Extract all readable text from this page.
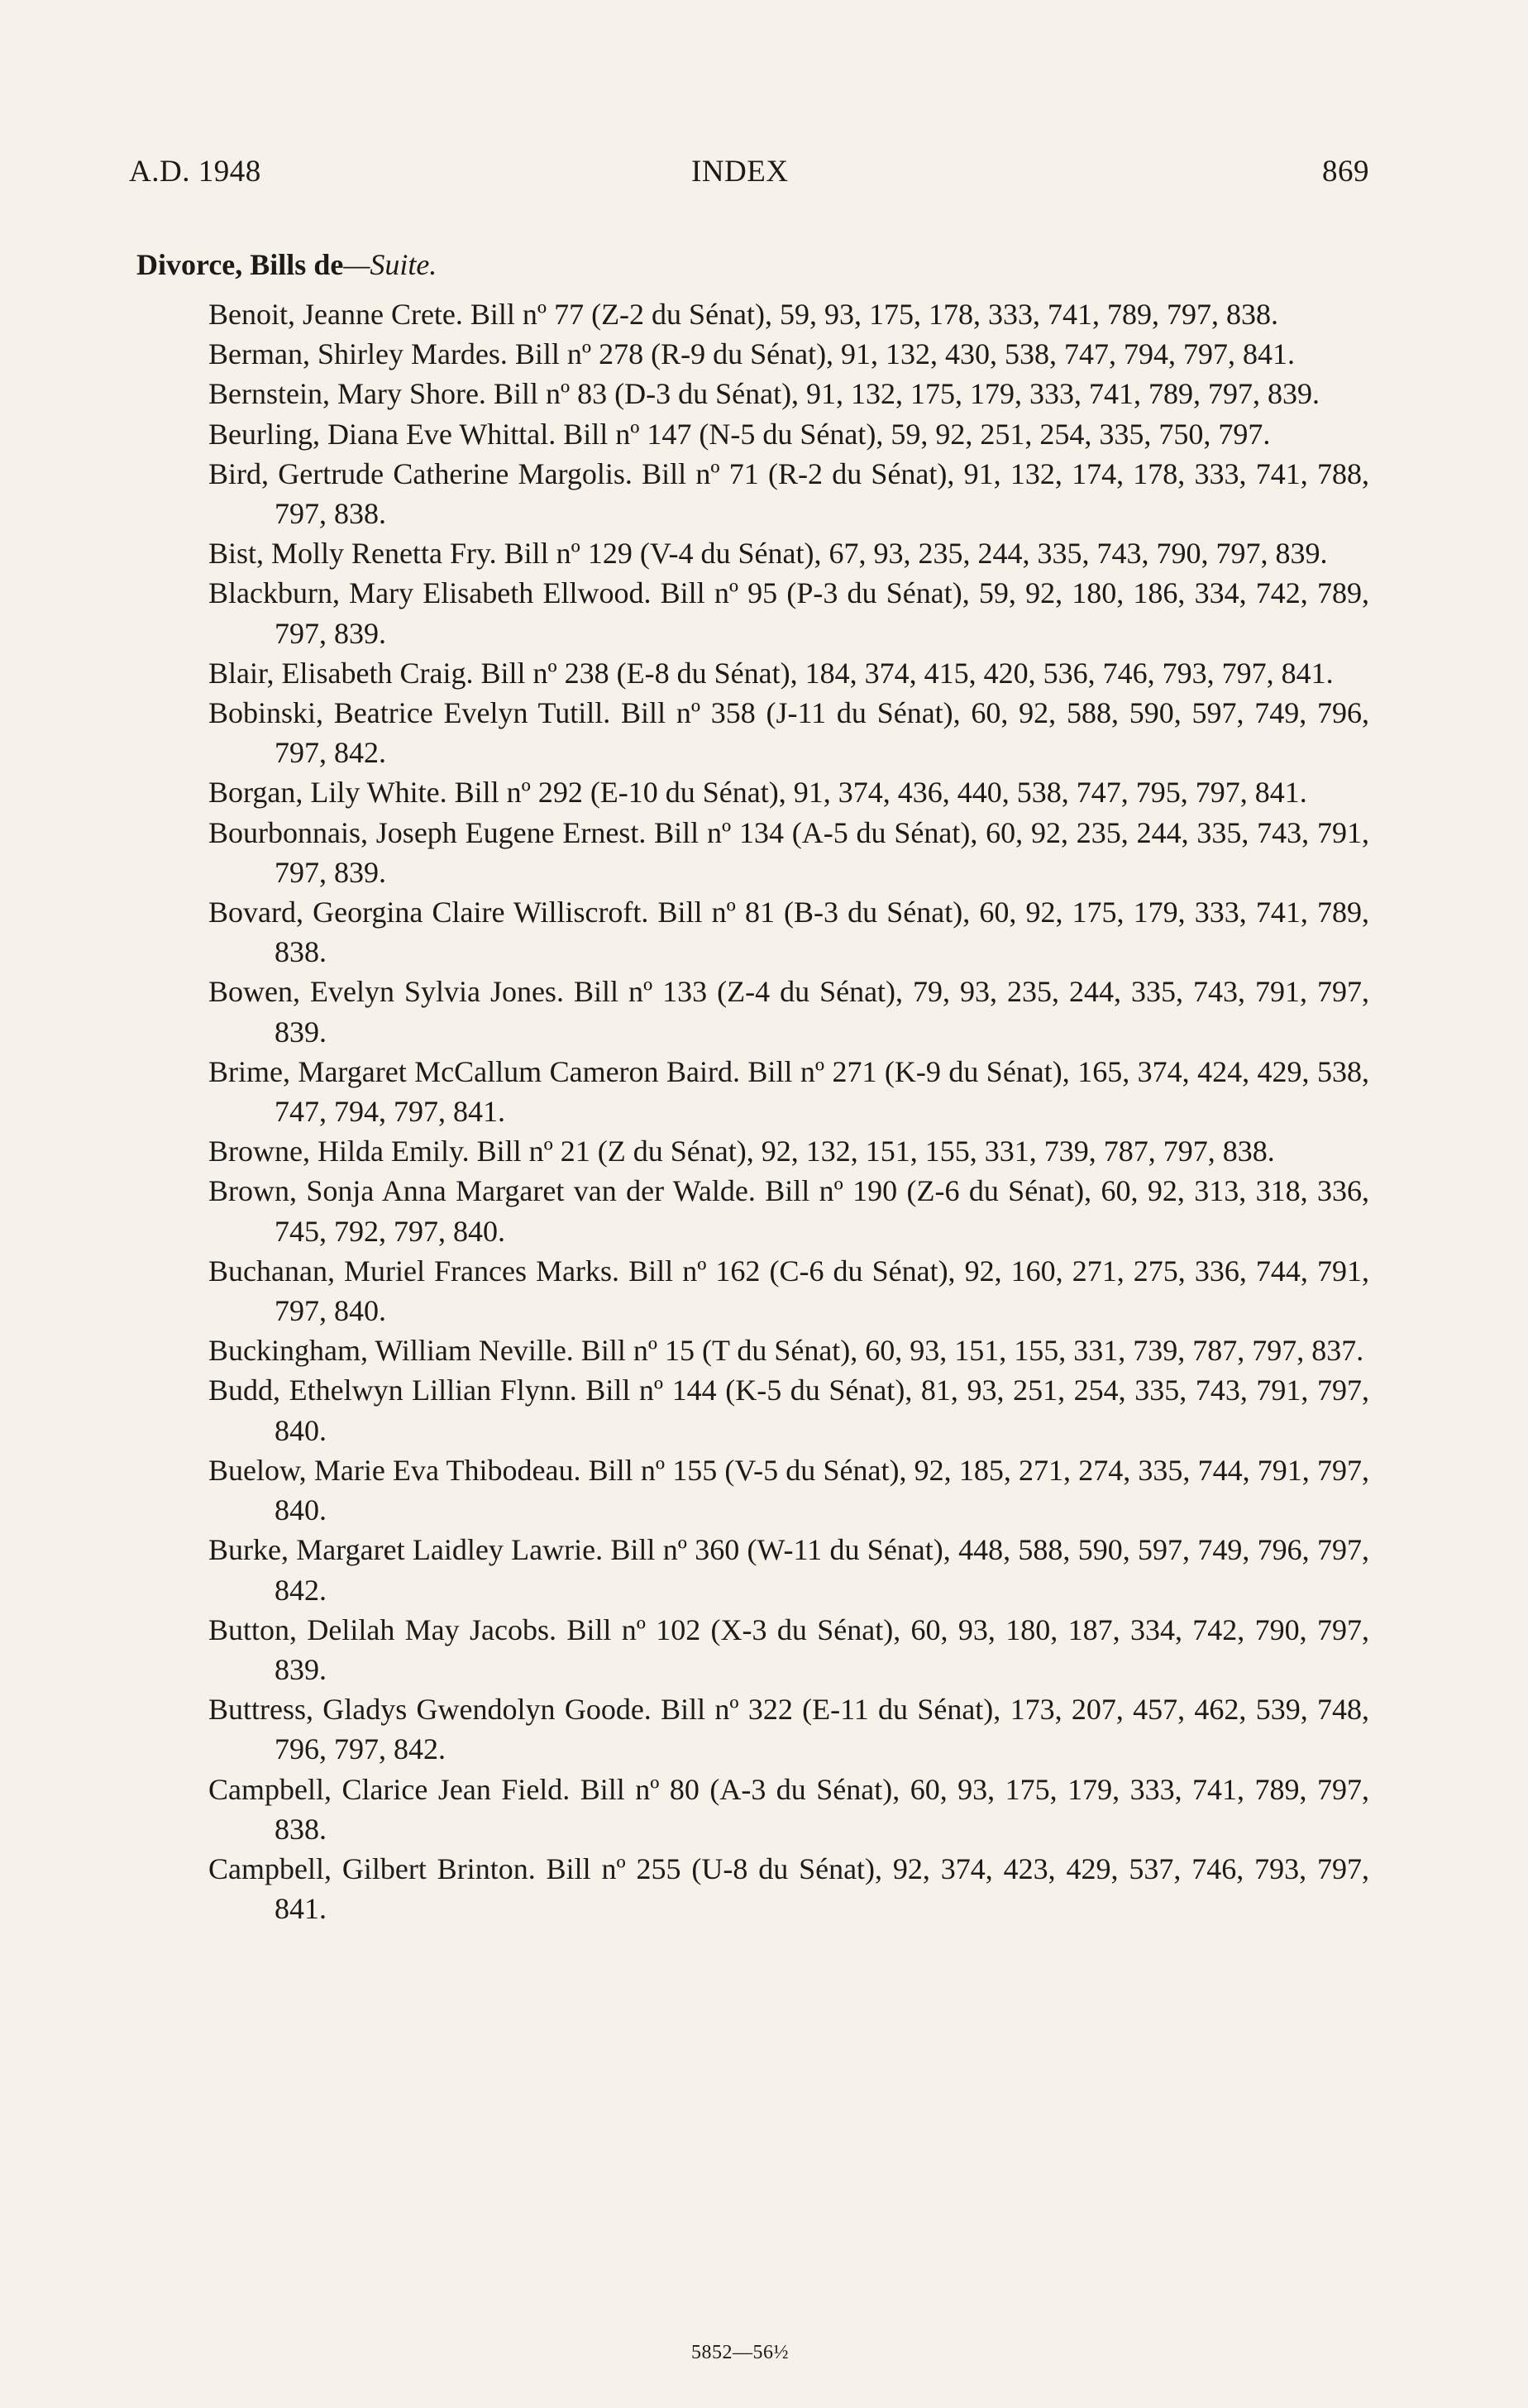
A.D. 1948	INDEX	869
Divorce, Bills de—Suite.

Benoit, Jeanne Crete. Bill nº 77 (Z-2 du Sénat), 59, 93, 175, 178, 333, 741, 789, 797, 838.

Berman, Shirley Mardes. Bill nº 278 (R-9 du Sénat), 91, 132, 430, 538, 747, 794, 797, 841.

Bernstein, Mary Shore. Bill nº 83 (D-3 du Sénat), 91, 132, 175, 179, 333, 741, 789, 797, 839.

Beurling, Diana Eve Whittal. Bill nº 147 (N-5 du Sénat), 59, 92, 251, 254, 335, 750, 797.

Bird, Gertrude Catherine Margolis. Bill nº 71 (R-2 du Sénat), 91, 132, 174, 178, 333, 741, 788, 797, 838.

Bist, Molly Renetta Fry. Bill nº 129 (V-4 du Sénat), 67, 93, 235, 244, 335, 743, 790, 797, 839.

Blackburn, Mary Elisabeth Ellwood. Bill nº 95 (P-3 du Sénat), 59, 92, 180, 186, 334, 742, 789, 797, 839.

Blair, Elisabeth Craig. Bill nº 238 (E-8 du Sénat), 184, 374, 415, 420, 536, 746, 793, 797, 841.

Bobinski, Beatrice Evelyn Tutill. Bill nº 358 (J-11 du Sénat), 60, 92, 588, 590, 597, 749, 796, 797, 842.

Borgan, Lily White. Bill nº 292 (E-10 du Sénat), 91, 374, 436, 440, 538, 747, 795, 797, 841.

Bourbonnais, Joseph Eugene Ernest. Bill nº 134 (A-5 du Sénat), 60, 92, 235, 244, 335, 743, 791, 797, 839.

Bovard, Georgina Claire Williscroft. Bill nº 81 (B-3 du Sénat), 60, 92, 175, 179, 333, 741, 789, 838.

Bowen, Evelyn Sylvia Jones. Bill nº 133 (Z-4 du Sénat), 79, 93, 235, 244, 335, 743, 791, 797, 839.

Brime, Margaret McCallum Cameron Baird. Bill nº 271 (K-9 du Sénat), 165, 374, 424, 429, 538, 747, 794, 797, 841.

Browne, Hilda Emily. Bill nº 21 (Z du Sénat), 92, 132, 151, 155, 331, 739, 787, 797, 838.

Brown, Sonja Anna Margaret van der Walde. Bill nº 190 (Z-6 du Sénat), 60, 92, 313, 318, 336, 745, 792, 797, 840.

Buchanan, Muriel Frances Marks. Bill nº 162 (C-6 du Sénat), 92, 160, 271, 275, 336, 744, 791, 797, 840.

Buckingham, William Neville. Bill nº 15 (T du Sénat), 60, 93, 151, 155, 331, 739, 787, 797, 837.

Budd, Ethelwyn Lillian Flynn. Bill nº 144 (K-5 du Sénat), 81, 93, 251, 254, 335, 743, 791, 797, 840.

Buelow, Marie Eva Thibodeau. Bill nº 155 (V-5 du Sénat), 92, 185, 271, 274, 335, 744, 791, 797, 840.

Burke, Margaret Laidley Lawrie. Bill nº 360 (W-11 du Sénat), 448, 588, 590, 597, 749, 796, 797, 842.

Button, Delilah May Jacobs. Bill nº 102 (X-3 du Sénat), 60, 93, 180, 187, 334, 742, 790, 797, 839.

Buttress, Gladys Gwendolyn Goode. Bill nº 322 (E-11 du Sénat), 173, 207, 457, 462, 539, 748, 796, 797, 842.

Campbell, Clarice Jean Field. Bill nº 80 (A-3 du Sénat), 60, 93, 175, 179, 333, 741, 789, 797, 838.

Campbell, Gilbert Brinton. Bill nº 255 (U-8 du Sénat), 92, 374, 423, 429, 537, 746, 793, 797, 841.

5852—56½
